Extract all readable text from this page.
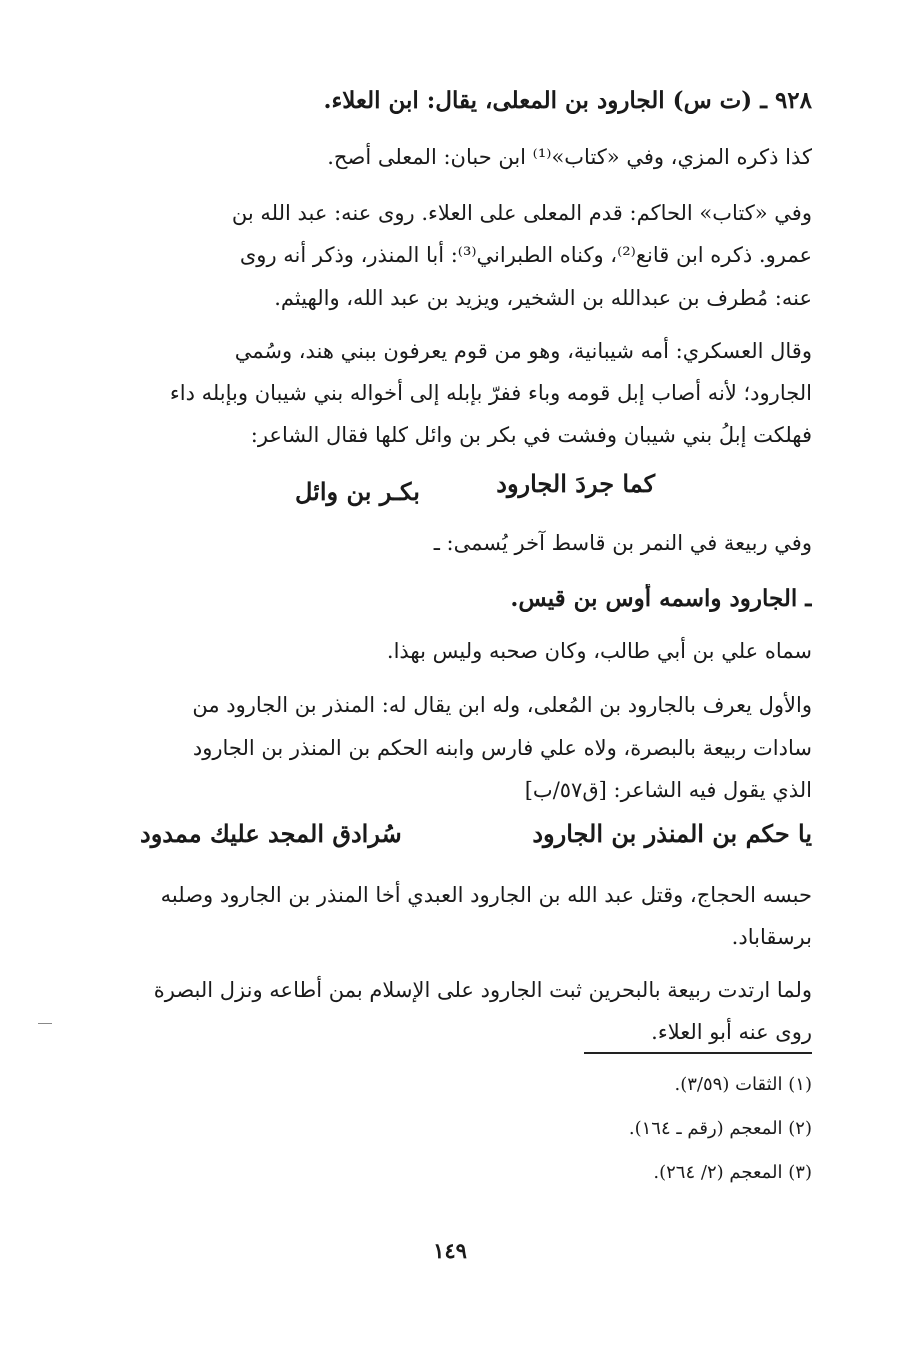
٩٢٨ ـ (ت س) الجارود بن المعلى، يقال: ابن العلاء.
كذا ذكره المزي، وفي «كتاب»⁽¹⁾ ابن حبان: المعلى أصح.
وفي «كتاب» الحاكم: قدم المعلى على العلاء. روى عنه: عبد الله بن
عمرو. ذكره ابن قانع⁽²⁾، وكناه الطبراني⁽³⁾: أبا المنذر، وذكر أنه روى
عنه: مُطرف بن عبدالله بن الشخير، ويزيد بن عبد الله، والهيثم.
وقال العسكري: أمه شيبانية، وهو من قوم يعرفون ببني هند، وسُمي
الجارود؛ لأنه أصاب إبل قومه وباء ففرّ بإبله إلى أخواله بني شيبان وبإبله داء
فهلكت إبلُ بني شيبان وفشت في بكر بن وائل كلها فقال الشاعر:
كما جردَ الجارود
بكـر بن وائل
وفي ربيعة في النمر بن قاسط آخر يُسمى: ـ
ـ الجارود واسمه أوس بن قيس.
سماه علي بن أبي طالب، وكان صحبه وليس بهذا.
والأول يعرف بالجارود بن المُعلى، وله ابن يقال له: المنذر بن الجارود من
سادات ربيعة بالبصرة، ولاه علي فارس وابنه الحكم بن المنذر بن الجارود
الذي يقول فيه الشاعر: [ق٥٧/ب]
يا حكم بن المنذر بن الجارود
سُرادق المجد عليك ممدود
حبسه الحجاج، وقتل عبد الله بن الجارود العبدي أخا المنذر بن الجارود وصلبه
برسقاباد.
ولما ارتدت ربيعة بالبحرين ثبت الجارود على الإسلام بمن أطاعه ونزل البصرة
روى عنه أبو العلاء.
(١) الثقات (٣/٥٩).
(٢) المعجم (رقم ـ ١٦٤).
(٣) المعجم (٢/ ٢٦٤).
١٤٩
